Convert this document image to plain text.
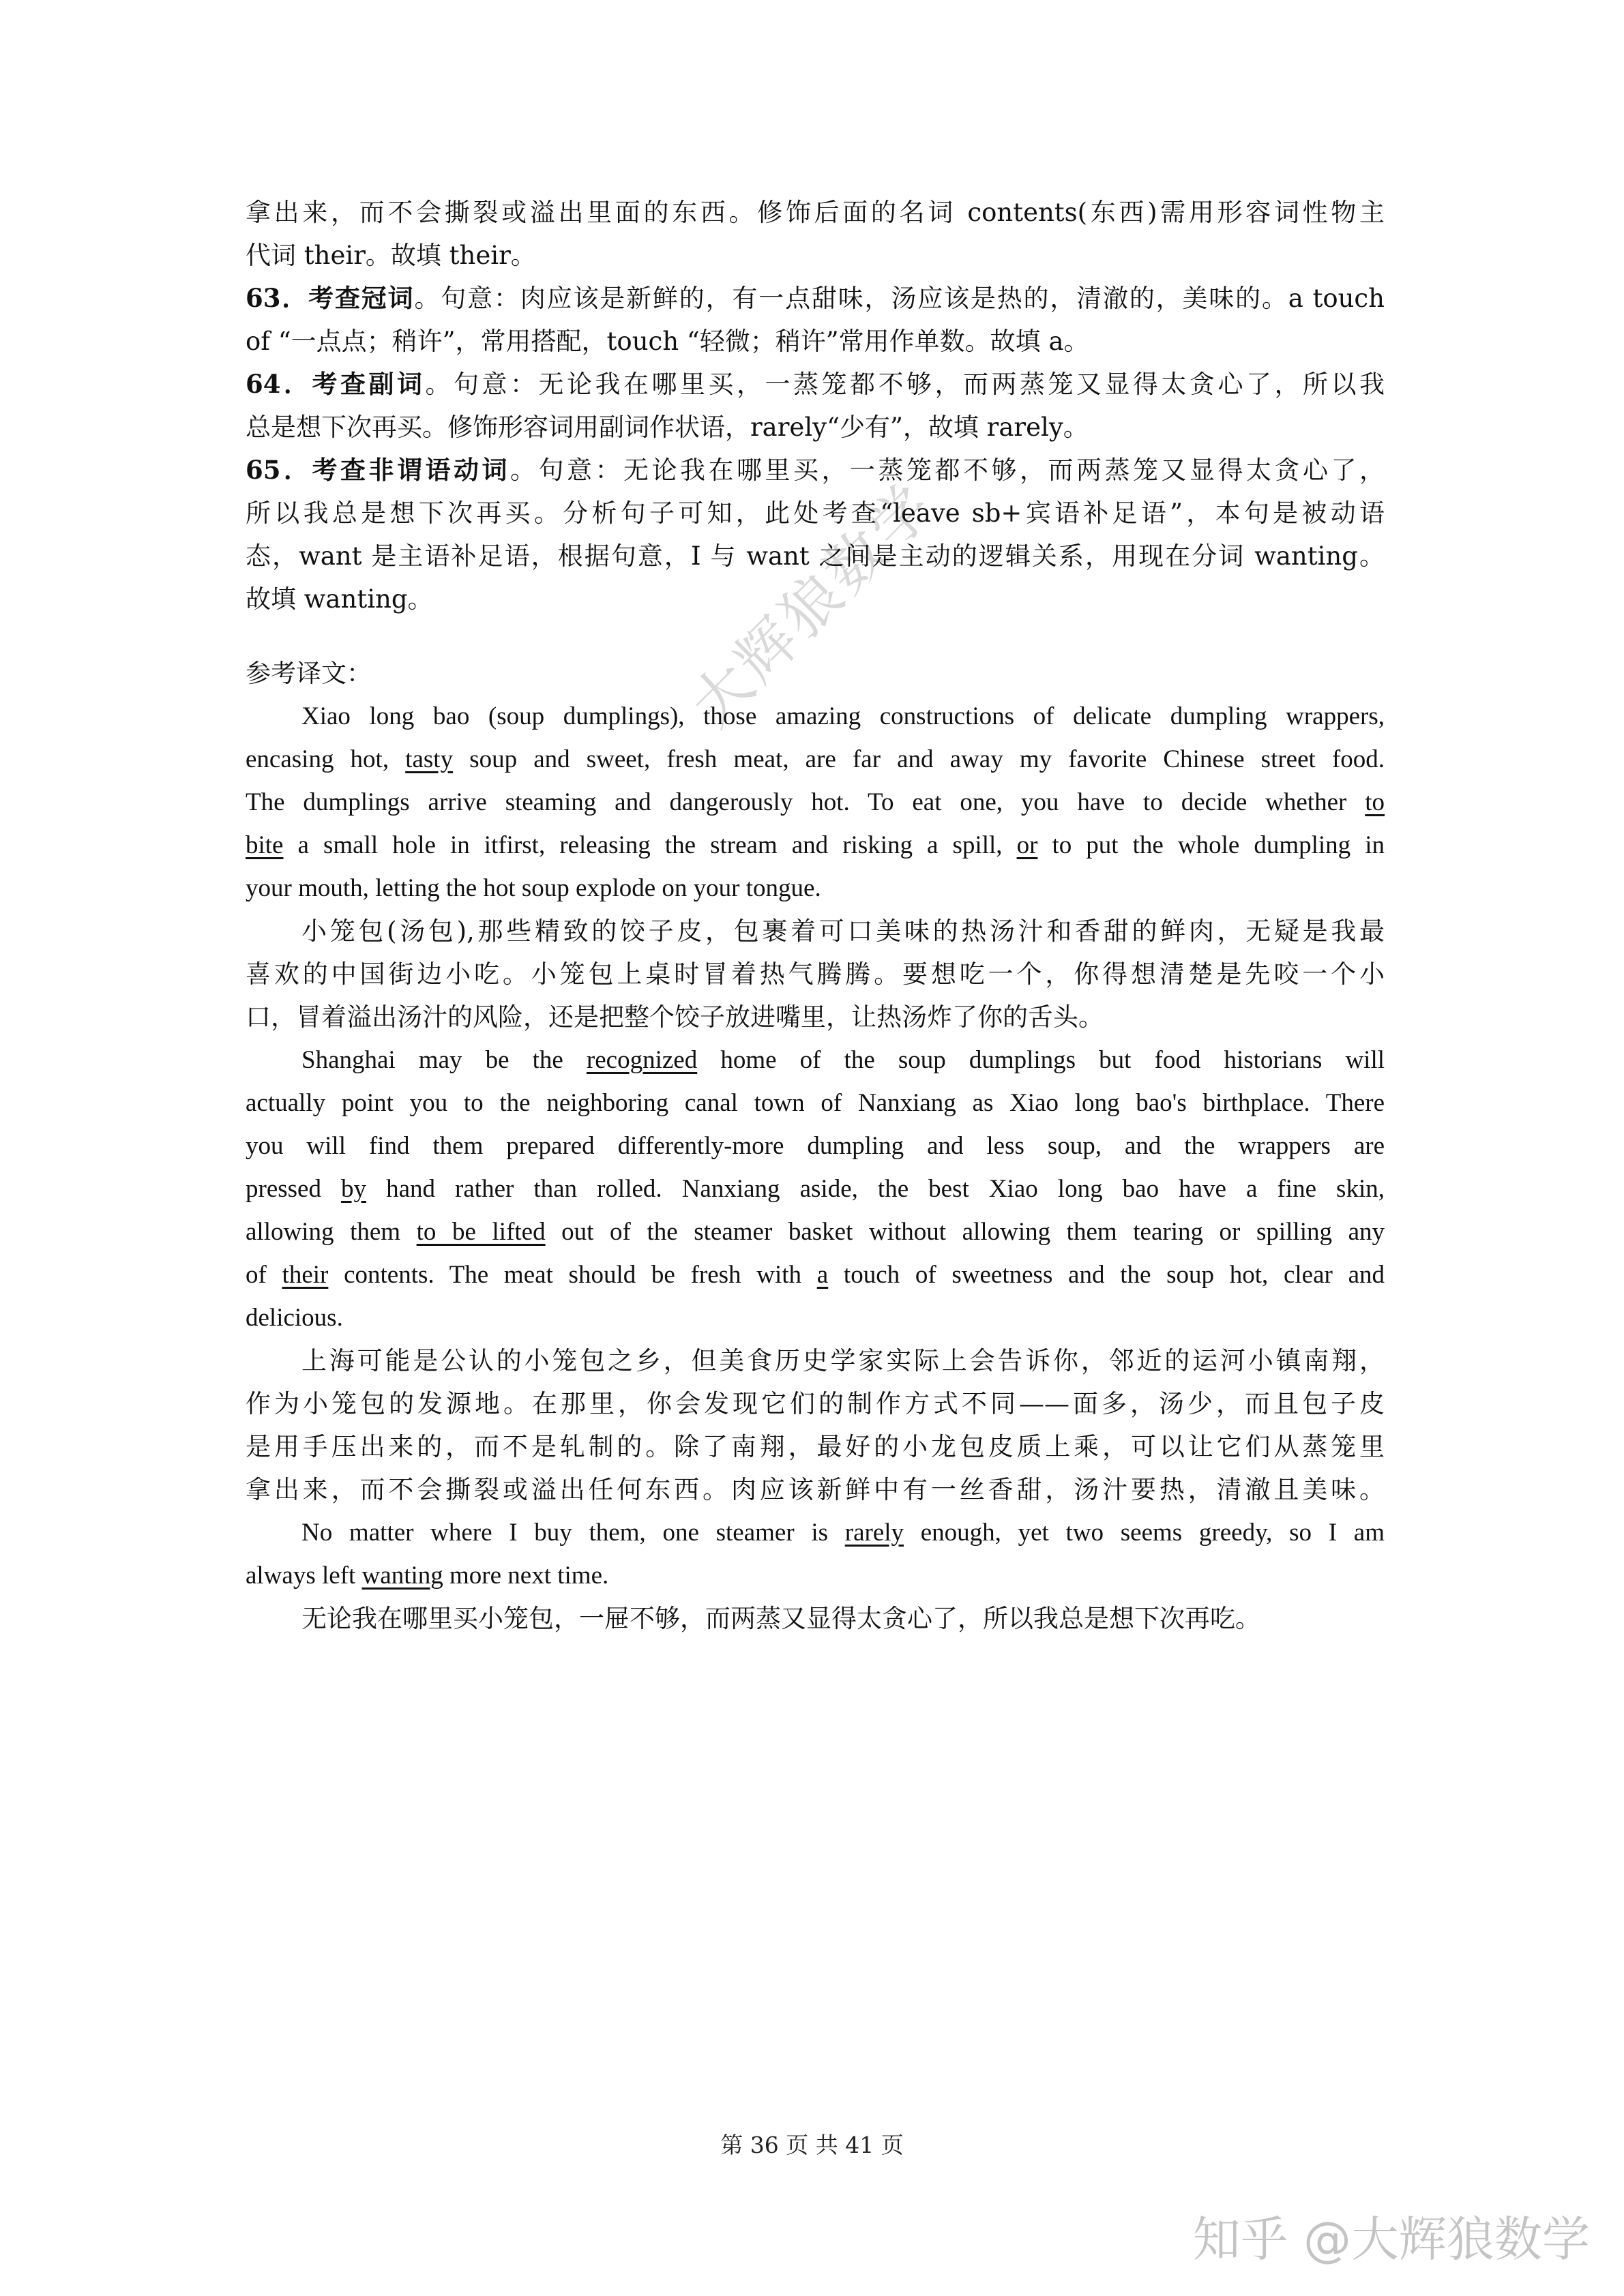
大辉狼数学
拿出来，而不会撕裂或溢出里面的东西。修饰后面的名词 contents(东西)需用形容词性物主
代词 their。故填 their。
63．考查冠词。句意：肉应该是新鲜的，有一点甜味，汤应该是热的，清澈的，美味的。a touch
of “一点点；稍许”，常用搭配，touch “轻微；稍许”常用作单数。故填 a。
64．考查副词。句意：无论我在哪里买，一蒸笼都不够，而两蒸笼又显得太贪心了，所以我
总是想下次再买。修饰形容词用副词作状语，rarely“少有”，故填 rarely。
65．考查非谓语动词。句意：无论我在哪里买，一蒸笼都不够，而两蒸笼又显得太贪心了，
所以我总是想下次再买。分析句子可知，此处考查“leave sb+宾语补足语”，本句是被动语
态，want 是主语补足语，根据句意，I 与 want 之间是主动的逻辑关系，用现在分词 wanting。
故填 wanting。
参考译文：
Xiao long bao (soup dumplings), those amazing constructions of delicate dumpling wrappers,
encasing hot, tasty soup and sweet, fresh meat, are far and away my favorite Chinese street food.
The dumplings arrive steaming and dangerously hot. To eat one, you have to decide whether to
bite a small hole in itfirst, releasing the stream and risking a spill, or to put the whole dumpling in
your mouth, letting the hot soup explode on your tongue.
小笼包(汤包),那些精致的饺子皮，包裹着可口美味的热汤汁和香甜的鲜肉，无疑是我最
喜欢的中国街边小吃。小笼包上桌时冒着热气腾腾。要想吃一个，你得想清楚是先咬一个小
口，冒着溢出汤汁的风险，还是把整个饺子放进嘴里，让热汤炸了你的舌头。
Shanghai may be the recognized home of the soup dumplings but food historians will
actually point you to the neighboring canal town of Nanxiang as Xiao long bao's birthplace. There
you will find them prepared differently-more dumpling and less soup, and the wrappers are
pressed by hand rather than rolled. Nanxiang aside, the best Xiao long bao have a fine skin,
allowing them to be lifted out of the steamer basket without allowing them tearing or spilling any
of their contents. The meat should be fresh with a touch of sweetness and the soup hot, clear and
delicious.
上海可能是公认的小笼包之乡，但美食历史学家实际上会告诉你，邻近的运河小镇南翔，
作为小笼包的发源地。在那里，你会发现它们的制作方式不同——面多，汤少，而且包子皮
是用手压出来的，而不是轧制的。除了南翔，最好的小龙包皮质上乘，可以让它们从蒸笼里
拿出来，而不会撕裂或溢出任何东西。肉应该新鲜中有一丝香甜，汤汁要热，清澈且美味。
No matter where I buy them, one steamer is rarely enough, yet two seems greedy, so I am
always left wanting more next time.
无论我在哪里买小笼包，一屉不够，而两蒸又显得太贪心了，所以我总是想下次再吃。
第 36 页 共 41 页
知乎 @大辉狼数学
